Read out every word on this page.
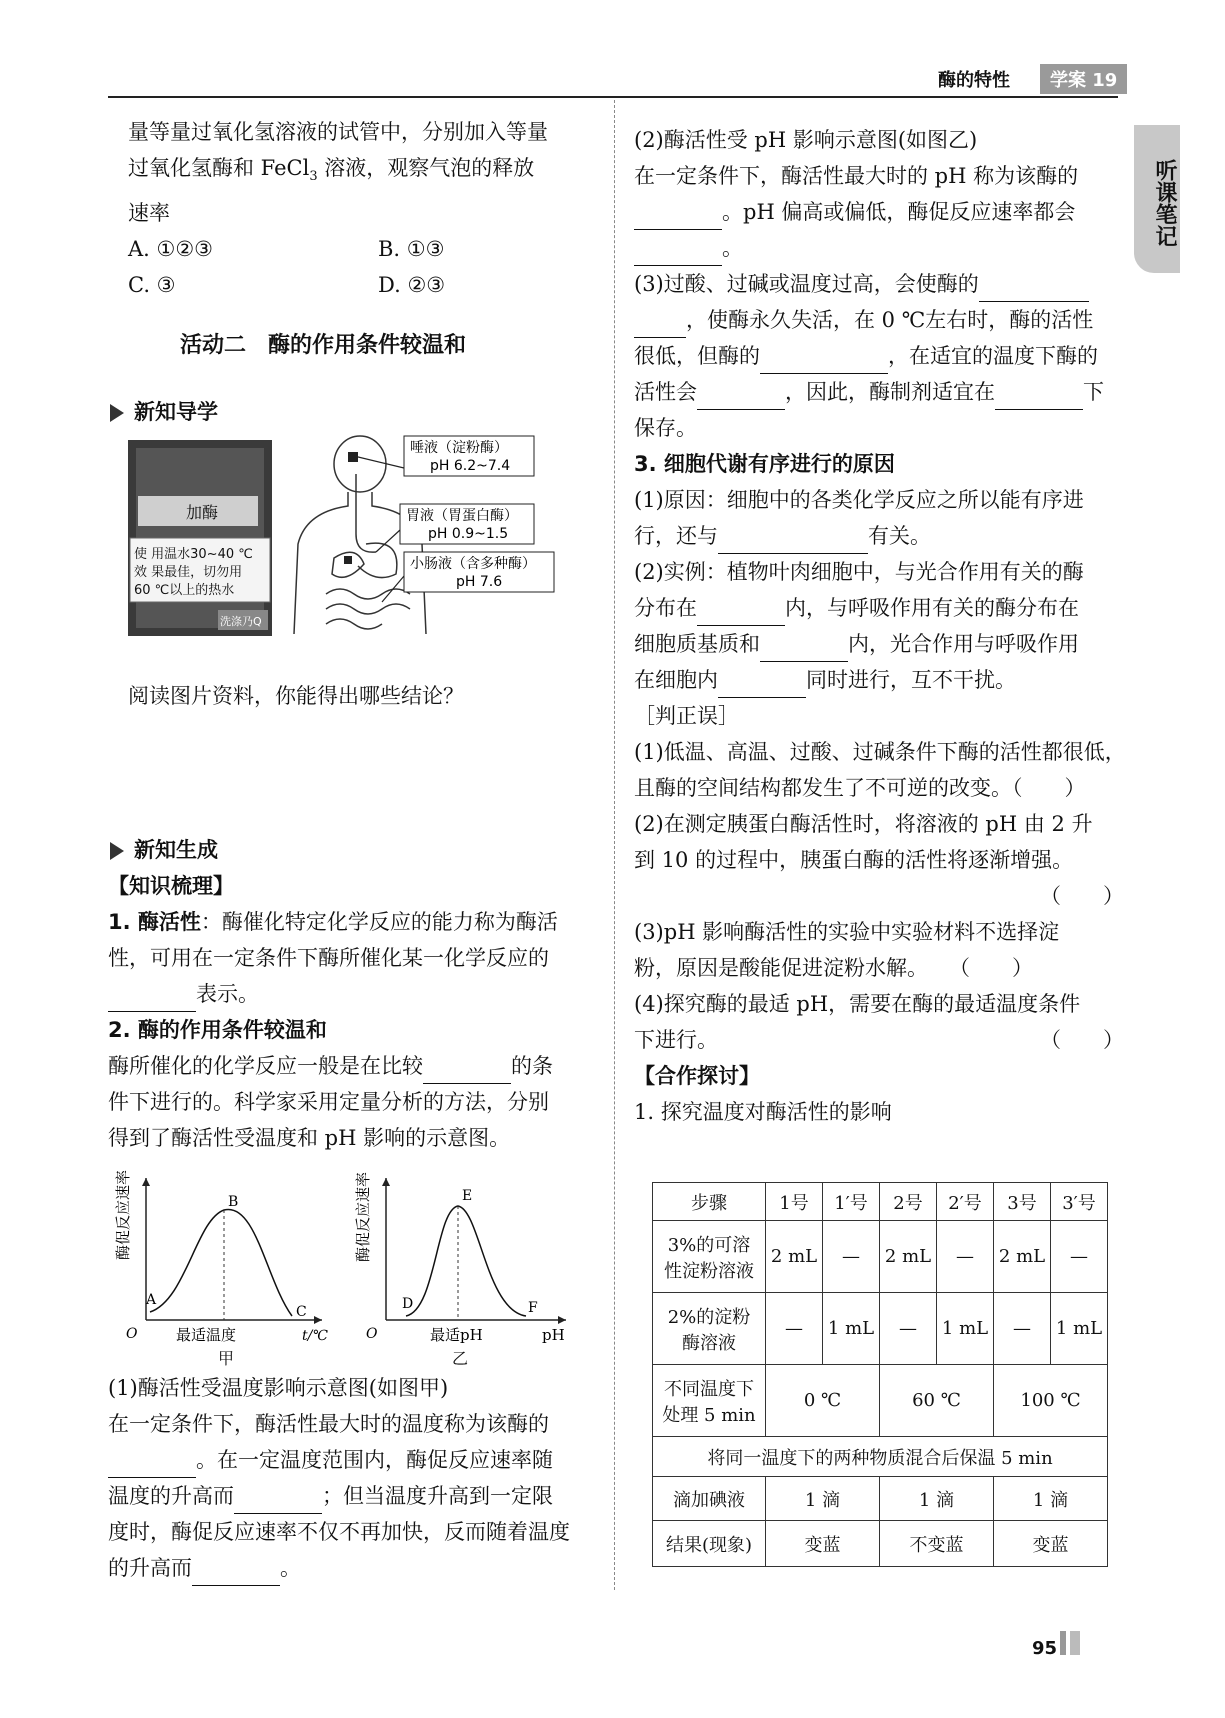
酶的特性	学案 19
听课笔记
量等量过氧化氢溶液的试管中，分别加入等量
过氧化氢酶和 FeCl$_3$ 溶液，观察气泡的释放
速率
A. ①②③	B. ①③
C. ③	D. ②③
活动二　酶的作用条件较温和
新知导学
加酶
使 用温水30~40 ℃
效 果最佳，切勿用
60 ℃以上的热水
洗涤乃Q
唾液（淀粉酶）
pH 6.2~7.4
胃液（胃蛋白酶）
pH 0.9~1.5
小肠液（含多种酶）
pH 7.6
阅读图片资料，你能得出哪些结论？
新知生成
【知识梳理】
1. 酶活性：酶催化特定化学反应的能力称为酶活
性，可用在一定条件下酶所催化某一化学反应的
表示。
2. 酶的作用条件较温和
酶所催化的化学反应一般是在比较	的条
件下进行的。科学家采用定量分析的方法，分别
得到了酶活性受温度和 pH 影响的示意图。
酶促反应速率
A
B
C
O	最适温度	t/℃
酶促反应速率
D
E
F
O	最适pH	pH
甲	乙
(1)酶活性受温度影响示意图(如图甲)
在一定条件下，酶活性最大时的温度称为该酶的
。在一定温度范围内，酶促反应速率随
温度的升高而	；但当温度升高到一定限
度时，酶促反应速率不仅不再加快，反而随着温度
的升高而	。
(2)酶活性受 pH 影响示意图(如图乙)
在一定条件下，酶活性最大时的 pH 称为该酶的
。pH 偏高或偏低，酶促反应速率都会
。
(3)过酸、过碱或温度过高，会使酶的
，使酶永久失活，在 0 ℃左右时，酶的活性
很低，但酶的	，在适宜的温度下酶的
活性会	，因此，酶制剂适宜在	下
保存。
3. 细胞代谢有序进行的原因
(1)原因：细胞中的各类化学反应之所以能有序进
行，还与	有关。
(2)实例：植物叶肉细胞中，与光合作用有关的酶
分布在	内，与呼吸作用有关的酶分布在
细胞质基质和	内，光合作用与呼吸作用
在细胞内	同时进行，互不干扰。
［判正误］
(1)低温、高温、过酸、过碱条件下酶的活性都很低，
且酶的空间结构都发生了不可逆的改变。（　　）
(2)在测定胰蛋白酶活性时，将溶液的 pH 由 2 升
到 10 的过程中，胰蛋白酶的活性将逐渐增强。
（　　）
(3)pH 影响酶活性的实验中实验材料不选择淀
粉，原因是酸能促进淀粉水解。　　（　　）
(4)探究酶的最适 pH，需要在酶的最适温度条件
下进行。	（　　）
【合作探讨】
1. 探究温度对酶活性的影响
步骤	1号	1′号	2号	2′号	3号	3′号
3%的可溶
性淀粉溶液	2 mL	—	2 mL	—	2 mL	—
2%的淀粉
酶溶液	—	1 mL	—	1 mL	—	1 mL
不同温度下
处理 5 min	0 ℃		60 ℃		100 ℃	
将同一温度下的两种物质混合后保温 5 min						
滴加碘液	1 滴		1 滴		1 滴	
结果(现象)	变蓝		不变蓝		变蓝	
95
